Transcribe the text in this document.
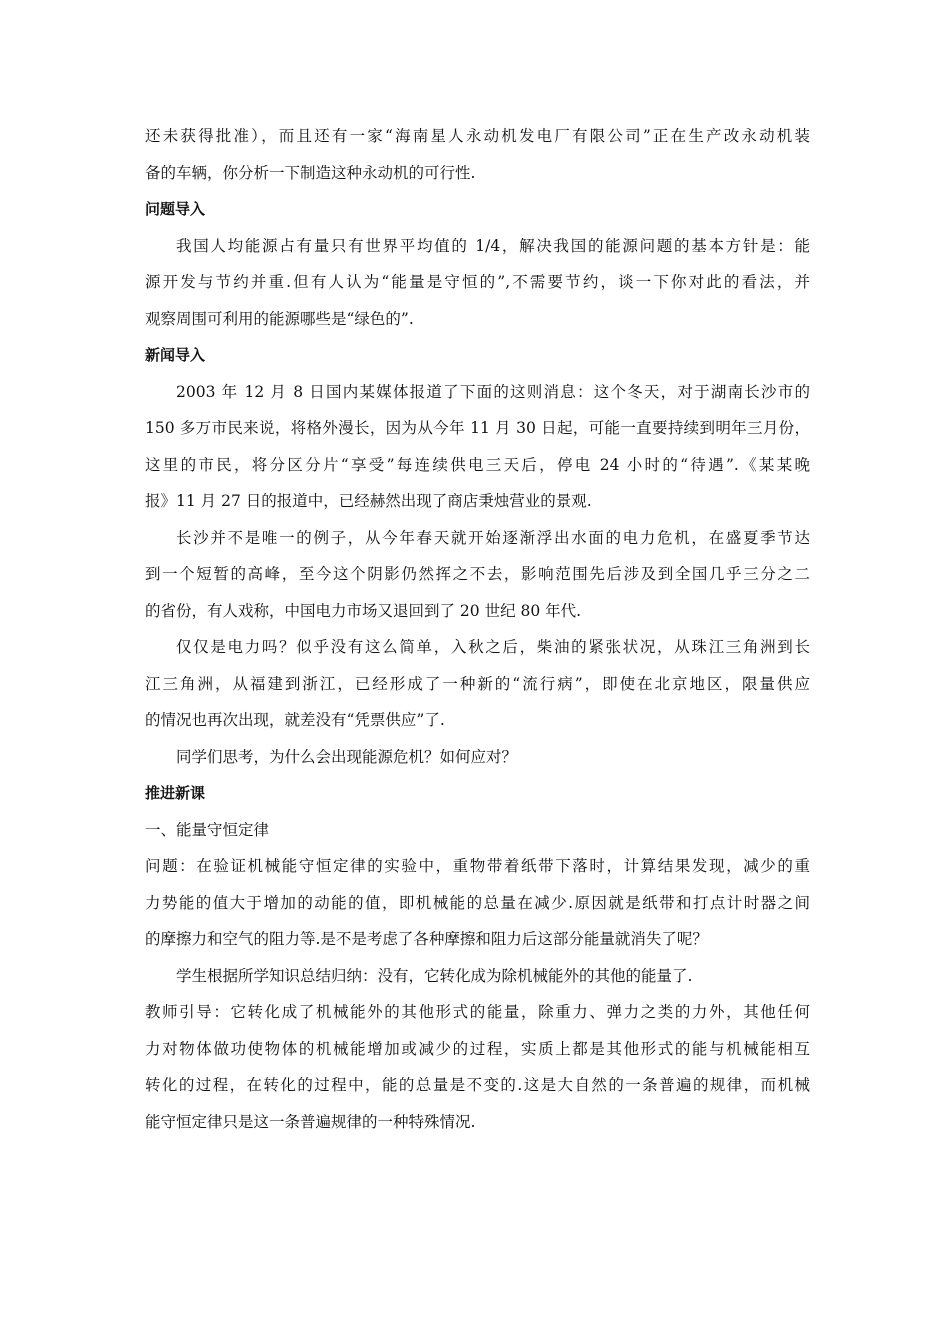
还未获得批准），而且还有一家“海南星人永动机发电厂有限公司”正在生产改永动机装

备的车辆，你分析一下制造这种永动机的可行性.

问题导入

我国人均能源占有量只有世界平均值的 1/4，解决我国的能源问题的基本方针是：能

源开发与节约并重.但有人认为“能量是守恒的”,不需要节约，谈一下你对此的看法，并

观察周围可利用的能源哪些是“绿色的”.

新闻导入

2003 年 12 月 8 日国内某媒体报道了下面的这则消息：这个冬天，对于湖南长沙市的

150 多万市民来说，将格外漫长，因为从今年 11 月 30 日起，可能一直要持续到明年三月份，

这里的市民，将分区分片“享受”每连续供电三天后，停电 24 小时的“待遇”.《某某晚

报》11 月 27 日的报道中，已经赫然出现了商店秉烛营业的景观.

长沙并不是唯一的例子，从今年春天就开始逐渐浮出水面的电力危机，在盛夏季节达

到一个短暂的高峰，至今这个阴影仍然挥之不去，影响范围先后涉及到全国几乎三分之二

的省份，有人戏称，中国电力市场又退回到了 20 世纪 80 年代.

仅仅是电力吗？似乎没有这么简单，入秋之后，柴油的紧张状况，从珠江三角洲到长

江三角洲，从福建到浙江，已经形成了一种新的“流行病”，即使在北京地区，限量供应

的情况也再次出现，就差没有“凭票供应”了.

同学们思考，为什么会出现能源危机？如何应对？

推进新课

一、能量守恒定律

问题：在验证机械能守恒定律的实验中，重物带着纸带下落时，计算结果发现，减少的重

力势能的值大于增加的动能的值，即机械能的总量在减少.原因就是纸带和打点计时器之间

的摩擦力和空气的阻力等.是不是考虑了各种摩擦和阻力后这部分能量就消失了呢？

学生根据所学知识总结归纳：没有，它转化成为除机械能外的其他的能量了.

教师引导：它转化成了机械能外的其他形式的能量，除重力、弹力之类的力外，其他任何

力对物体做功使物体的机械能增加或减少的过程，实质上都是其他形式的能与机械能相互

转化的过程，在转化的过程中，能的总量是不变的.这是大自然的一条普遍的规律，而机械

能守恒定律只是这一条普遍规律的一种特殊情况.
